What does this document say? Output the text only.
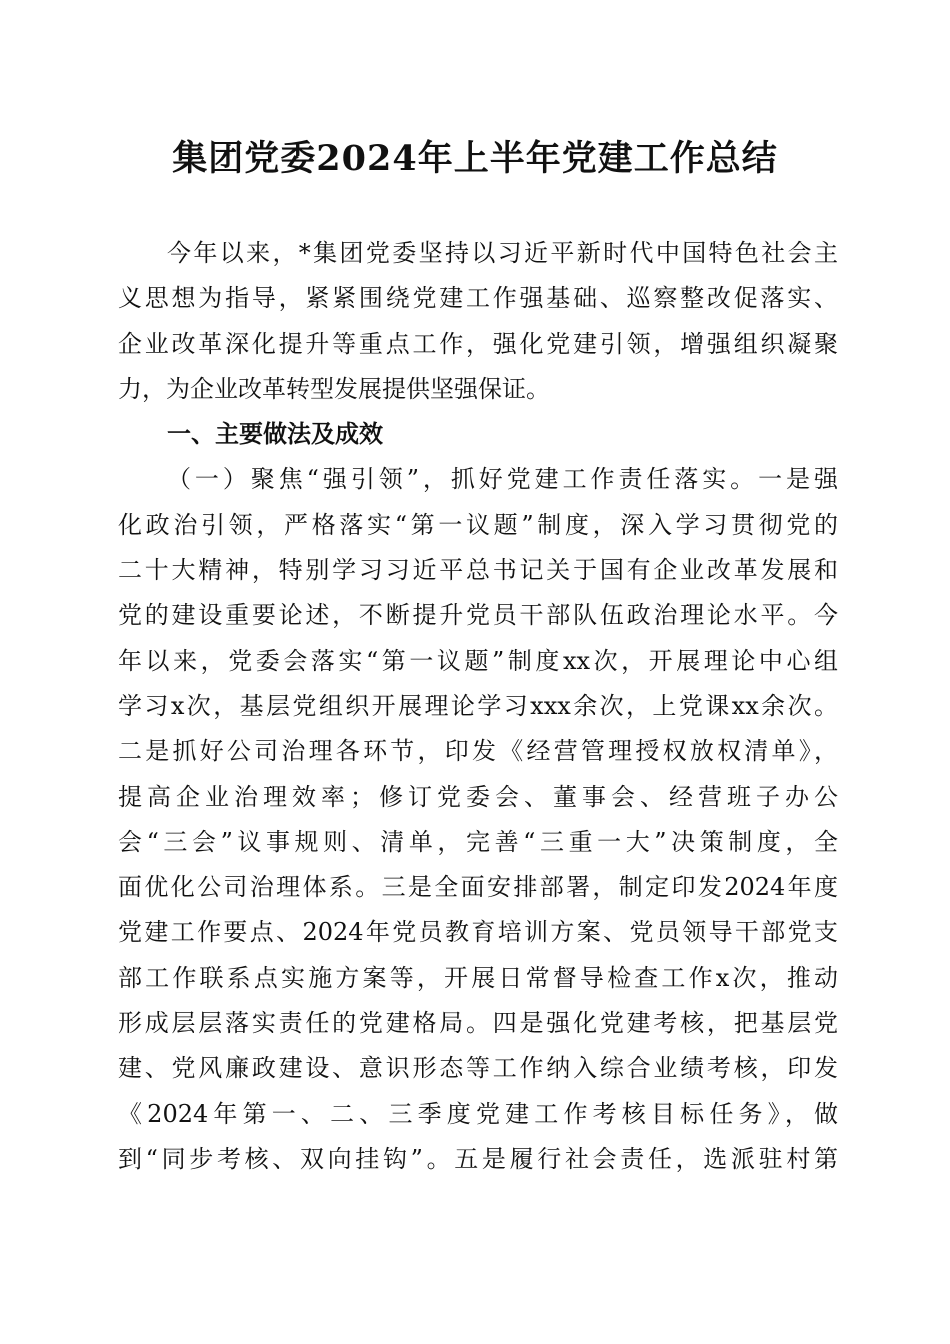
集团党委2024年上半年党建工作总结
今年以来，*集团党委坚持以习近平新时代中国特色社会主
义思想为指导，紧紧围绕党建工作强基础、巡察整改促落实、
企业改革深化提升等重点工作，强化党建引领，增强组织凝聚
力，为企业改革转型发展提供坚强保证。
一、主要做法及成效
（一）聚焦“强引领”，抓好党建工作责任落实。一是强
化政治引领，严格落实“第一议题”制度，深入学习贯彻党的
二十大精神，特别学习习近平总书记关于国有企业改革发展和
党的建设重要论述，不断提升党员干部队伍政治理论水平。今
年以来，党委会落实“第一议题”制度xx次，开展理论中心组
学习x次，基层党组织开展理论学习xxx余次，上党课xx余次。
二是抓好公司治理各环节，印发《经营管理授权放权清单》，
提高企业治理效率；修订党委会、董事会、经营班子办公
会“三会”议事规则、清单，完善“三重一大”决策制度，全
面优化公司治理体系。三是全面安排部署，制定印发2024年度
党建工作要点、2024年党员教育培训方案、党员领导干部党支
部工作联系点实施方案等，开展日常督导检查工作x次，推动
形成层层落实责任的党建格局。四是强化党建考核，把基层党
建、党风廉政建设、意识形态等工作纳入综合业绩考核，印发
《2024年第一、二、三季度党建工作考核目标任务》，做
到“同步考核、双向挂钩”。五是履行社会责任，选派驻村第
